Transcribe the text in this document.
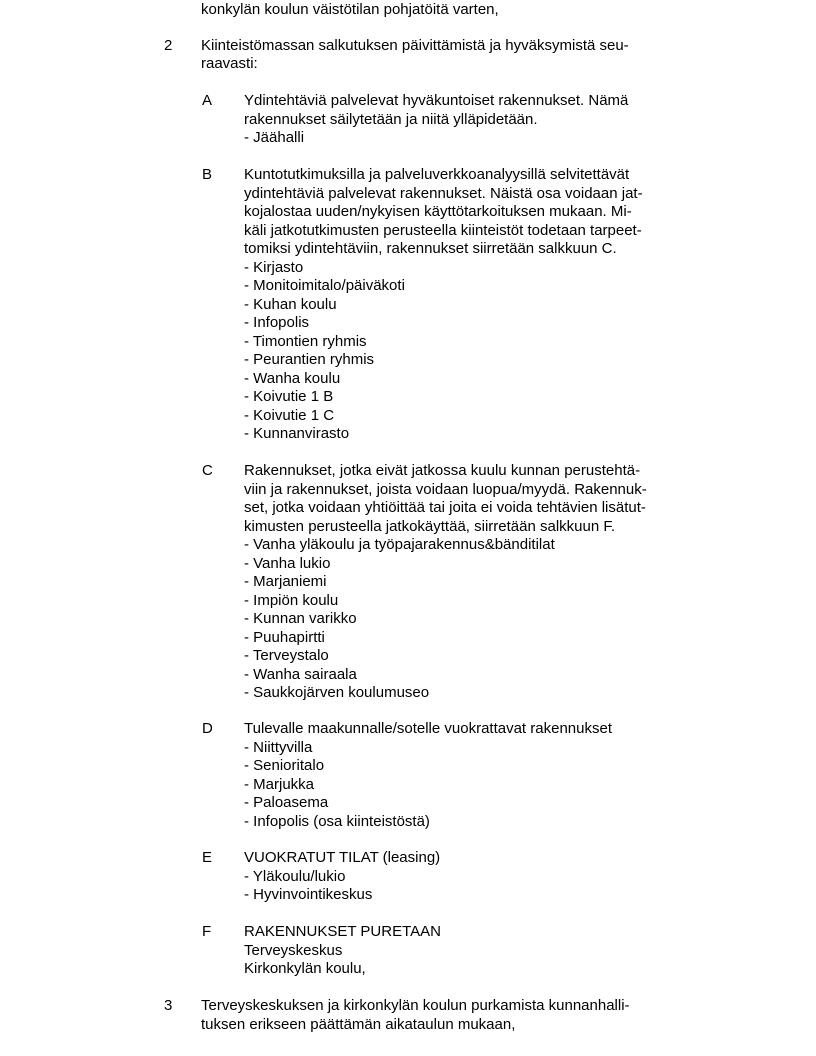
konkylän koulun väistötilan pohjatöitä varten,
2 Kiinteistömassan salkutuksen päivittämistä ja hyväksymistä seu-
raavasti:
A Ydintehtäviä palvelevat hyväkuntoiset rakennukset. Nämä
rakennukset säilytetään ja niitä ylläpidetään.
- Jäähalli
B Kuntotutkimuksilla ja palveluverkkoanalyysillä selvitettävät
ydintehtäviä palvelevat rakennukset. Näistä osa voidaan jat-
kojalostaa uuden/nykyisen käyttötarkoituksen mukaan. Mi-
käli jatkotutkimusten perusteella kiinteistöt todetaan tarpeet-
tomiksi ydintehtäviin, rakennukset siirretään salkkuun C.
- Kirjasto
- Monitoimitalo/päiväkoti
- Kuhan koulu
- Infopolis
- Timontien ryhmis
- Peurantien ryhmis
- Wanha koulu
- Koivutie 1 B
- Koivutie 1 C
- Kunnanvirasto
C Rakennukset, jotka eivät jatkossa kuulu kunnan perustehtä-
viin ja rakennukset, joista voidaan luopua/myydä. Rakennuk-
set, jotka voidaan yhtiöittää tai joita ei voida tehtävien lisätut-
kimusten perusteella jatkokäyttää, siirretään salkkuun F.
- Vanha yläkoulu ja työpajarakennus&bänditilat
- Vanha lukio
- Marjaniemi
- Impiön koulu
- Kunnan varikko
- Puuhapirtti
- Terveystalo
- Wanha sairaala
- Saukkojärven koulumuseo
D Tulevalle maakunnalle/sotelle vuokrattavat rakennukset
- Niittyvilla
- Senioritalo
- Marjukka
- Paloasema
- Infopolis (osa kiinteistöstä)
E VUOKRATUT TILAT (leasing)
- Yläkoulu/lukio
- Hyvinvointikeskus
F RAKENNUKSET PURETAAN
Terveyskeskus
Kirkonkylän koulu,
3 Terveyskeskuksen ja kirkonkylän koulun purkamista kunnanhalli-
tuksen erikseen päättämän aikataulun mukaan,
